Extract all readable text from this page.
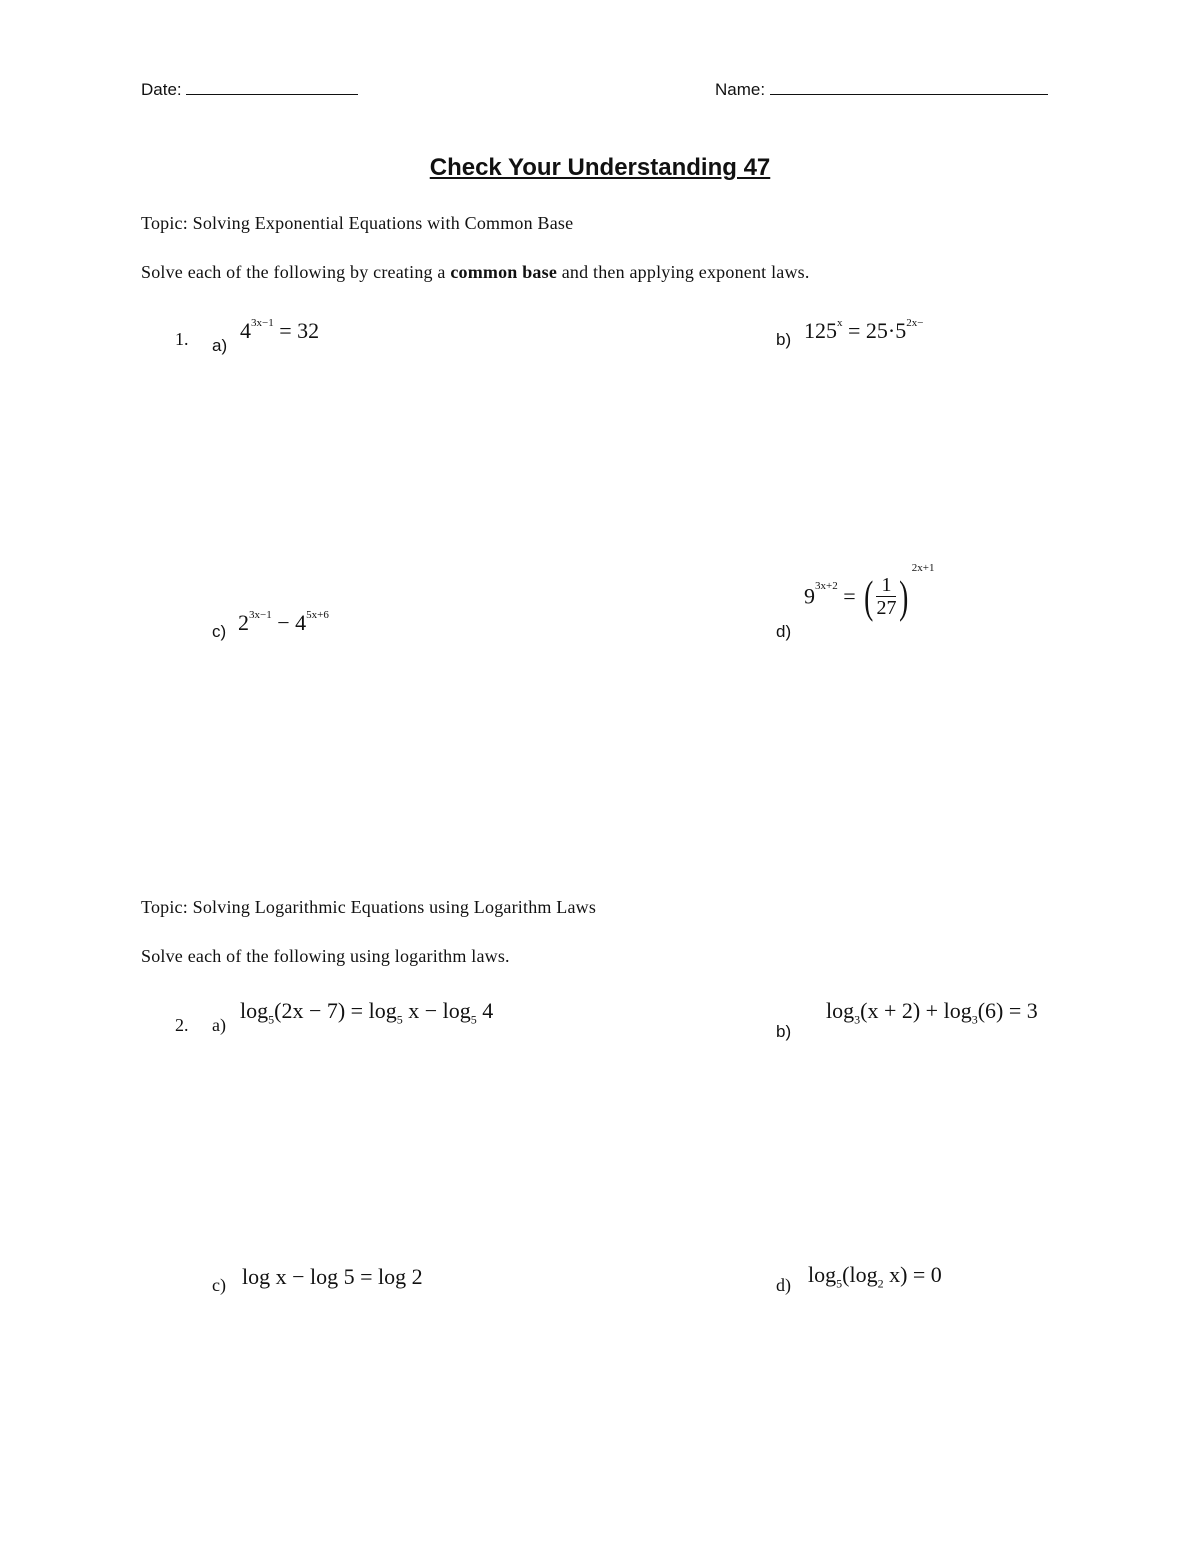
Date:	Name:
Check Your Understanding 47
Topic: Solving Exponential Equations with Common Base
Solve each of the following by creating a common base and then applying exponent laws.
1. a)
$4^{3x-1} = 32$	b) $125^x = 25\cdot 5^{2x-}$
c) $2^{3x-1} - 4^{5x+6}$
d)
$9^{3x+2}$ = ( $\frac{1}{27} )^{2x+1}$
Topic: Solving Logarithmic Equations using Logarithm Laws
Solve each of the following using logarithm laws.
2. a)
$\log_5(2x - 7) = \log_5 x - \log_5 4$
b)
$\log_3(x + 2) + \log_3(6) = 3$
c) log x − log 5 = log 2	d) $\log_5(\log_2$ x) = 0
